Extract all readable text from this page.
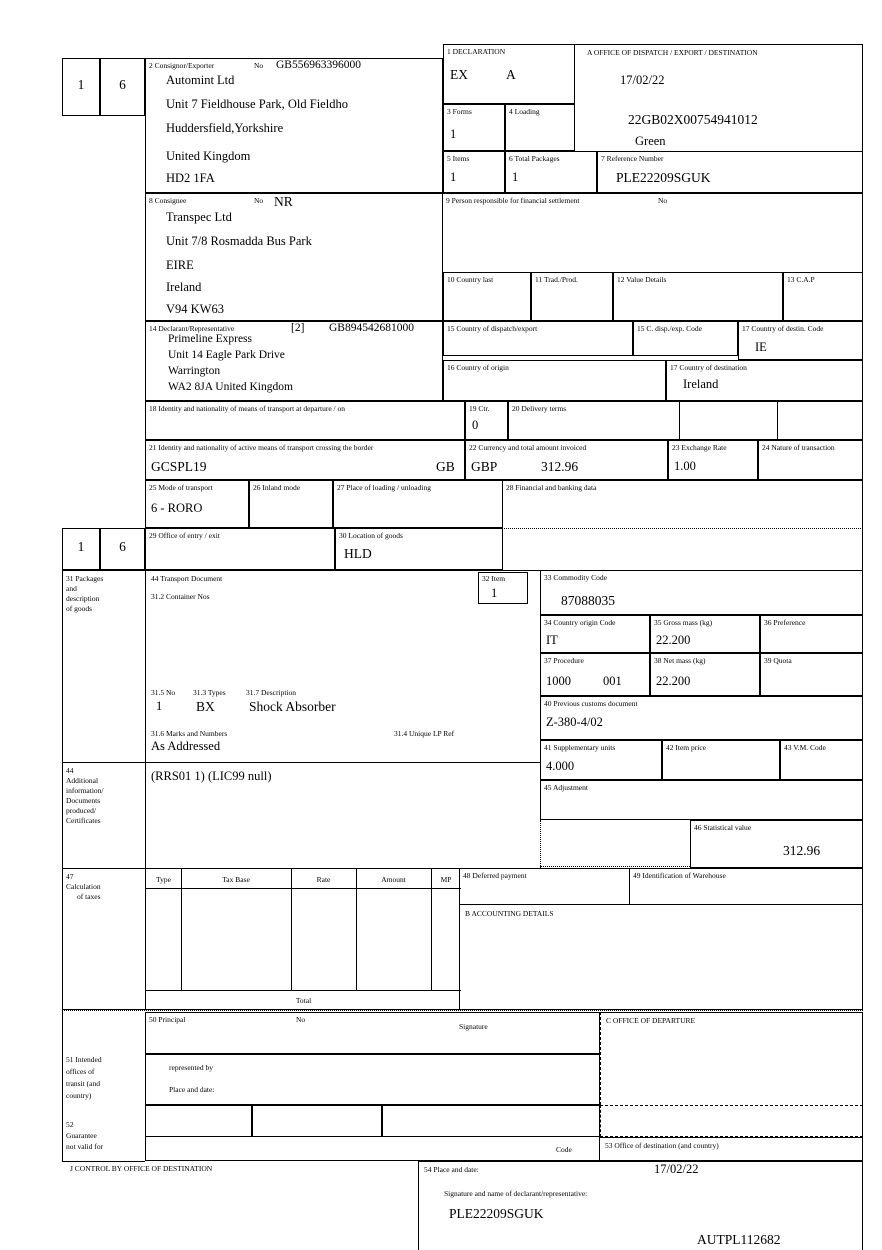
1	6
2 Consignor/Exporter	No GB556963396000
Automint Ltd
Unit 7 Fieldhouse Park, Old Fieldho
Huddersfield,Yorkshire
United Kingdom
HD2 1FA
1 DECLARATION
EX	A
A OFFICE OF DISPATCH / EXPORT / DESTINATION
17/02/22
22GB02X00754941012
Green
3 Forms
1
4 Loading
5 Items
1
6 Total Packages
1
7 Reference Number
PLE22209SGUK
8 Consignee	No NR
Transpec Ltd
Unit 7/8 Rosmadda Bus Park
EIRE
Ireland
V94 KW63
9 Person responsible for financial settlement	No
10 Country last	11 Trad./Prod.	12 Value Details	13 C.A.P
14 Declarant/Representative	[2] GB894542681000
Primeline Express
Unit 14 Eagle Park Drive
Warrington
WA2 8JA United Kingdom
15 Country of dispatch/export	15 C. disp./exp. Code	17 Country of destin. Code
IE
16 Country of origin	17 Country of destination
Ireland
18 Identity and nationality of means of transport at departure / on	19 Ctr.
0
20 Delivery terms
21 Identity and nationality of active means of transport crossing the border
GCSPL19	GB
22 Currency and total amount invoiced
GBP	312.96
23 Exchange Rate
1.00
24 Nature of transaction
25 Mode of transport
6 - RORO
26 Inland mode	27 Place of loading / unloading	28 Financial and banking data
1	6
29 Office of entry / exit	30 Location of goods
HLD
31 Packages
and
description
of goods
44 Transport Document
31.2 Container Nos
31.5 No
1
31.3 Types
BX
31.7 Description
Shock Absorber
31.6 Marks and Numbers
As Addressed
31.4 Unique LP Ref
32 Item
1
33 Commodity Code
87088035
34 Country origin Code
IT
35 Gross mass (kg)
22.200
36 Preference
37 Procedure
1000	001
38 Net mass (kg)
22.200
39 Quota
40 Previous customs document
Z-380-4/02
41 Supplementary units
4.000
42 Item price	43 V.M. Code
45 Adjustment
44
Additional
information/
Documents
produced/
Certificates
(RRS01 1) (LIC99 null)
46 Statistical value
312.96
47
Calculation
of taxes
Type	Tax Base	Rate	Amount	MP
Total
48 Deferred payment	49 Identification of Warehouse
B ACCOUNTING DETAILS
51 Intended
offices of
transit (and
country)
52
Guarantee
not valid for
50 Principal	No
Signature
C OFFICE OF DEPARTURE
represented by
Place and date:
Code	53 Office of destination (and country)
J CONTROL BY OFFICE OF DESTINATION	54 Place and date:	17/02/22
Signature and name of declarant/representative:
PLE22209SGUK
AUTPL112682
